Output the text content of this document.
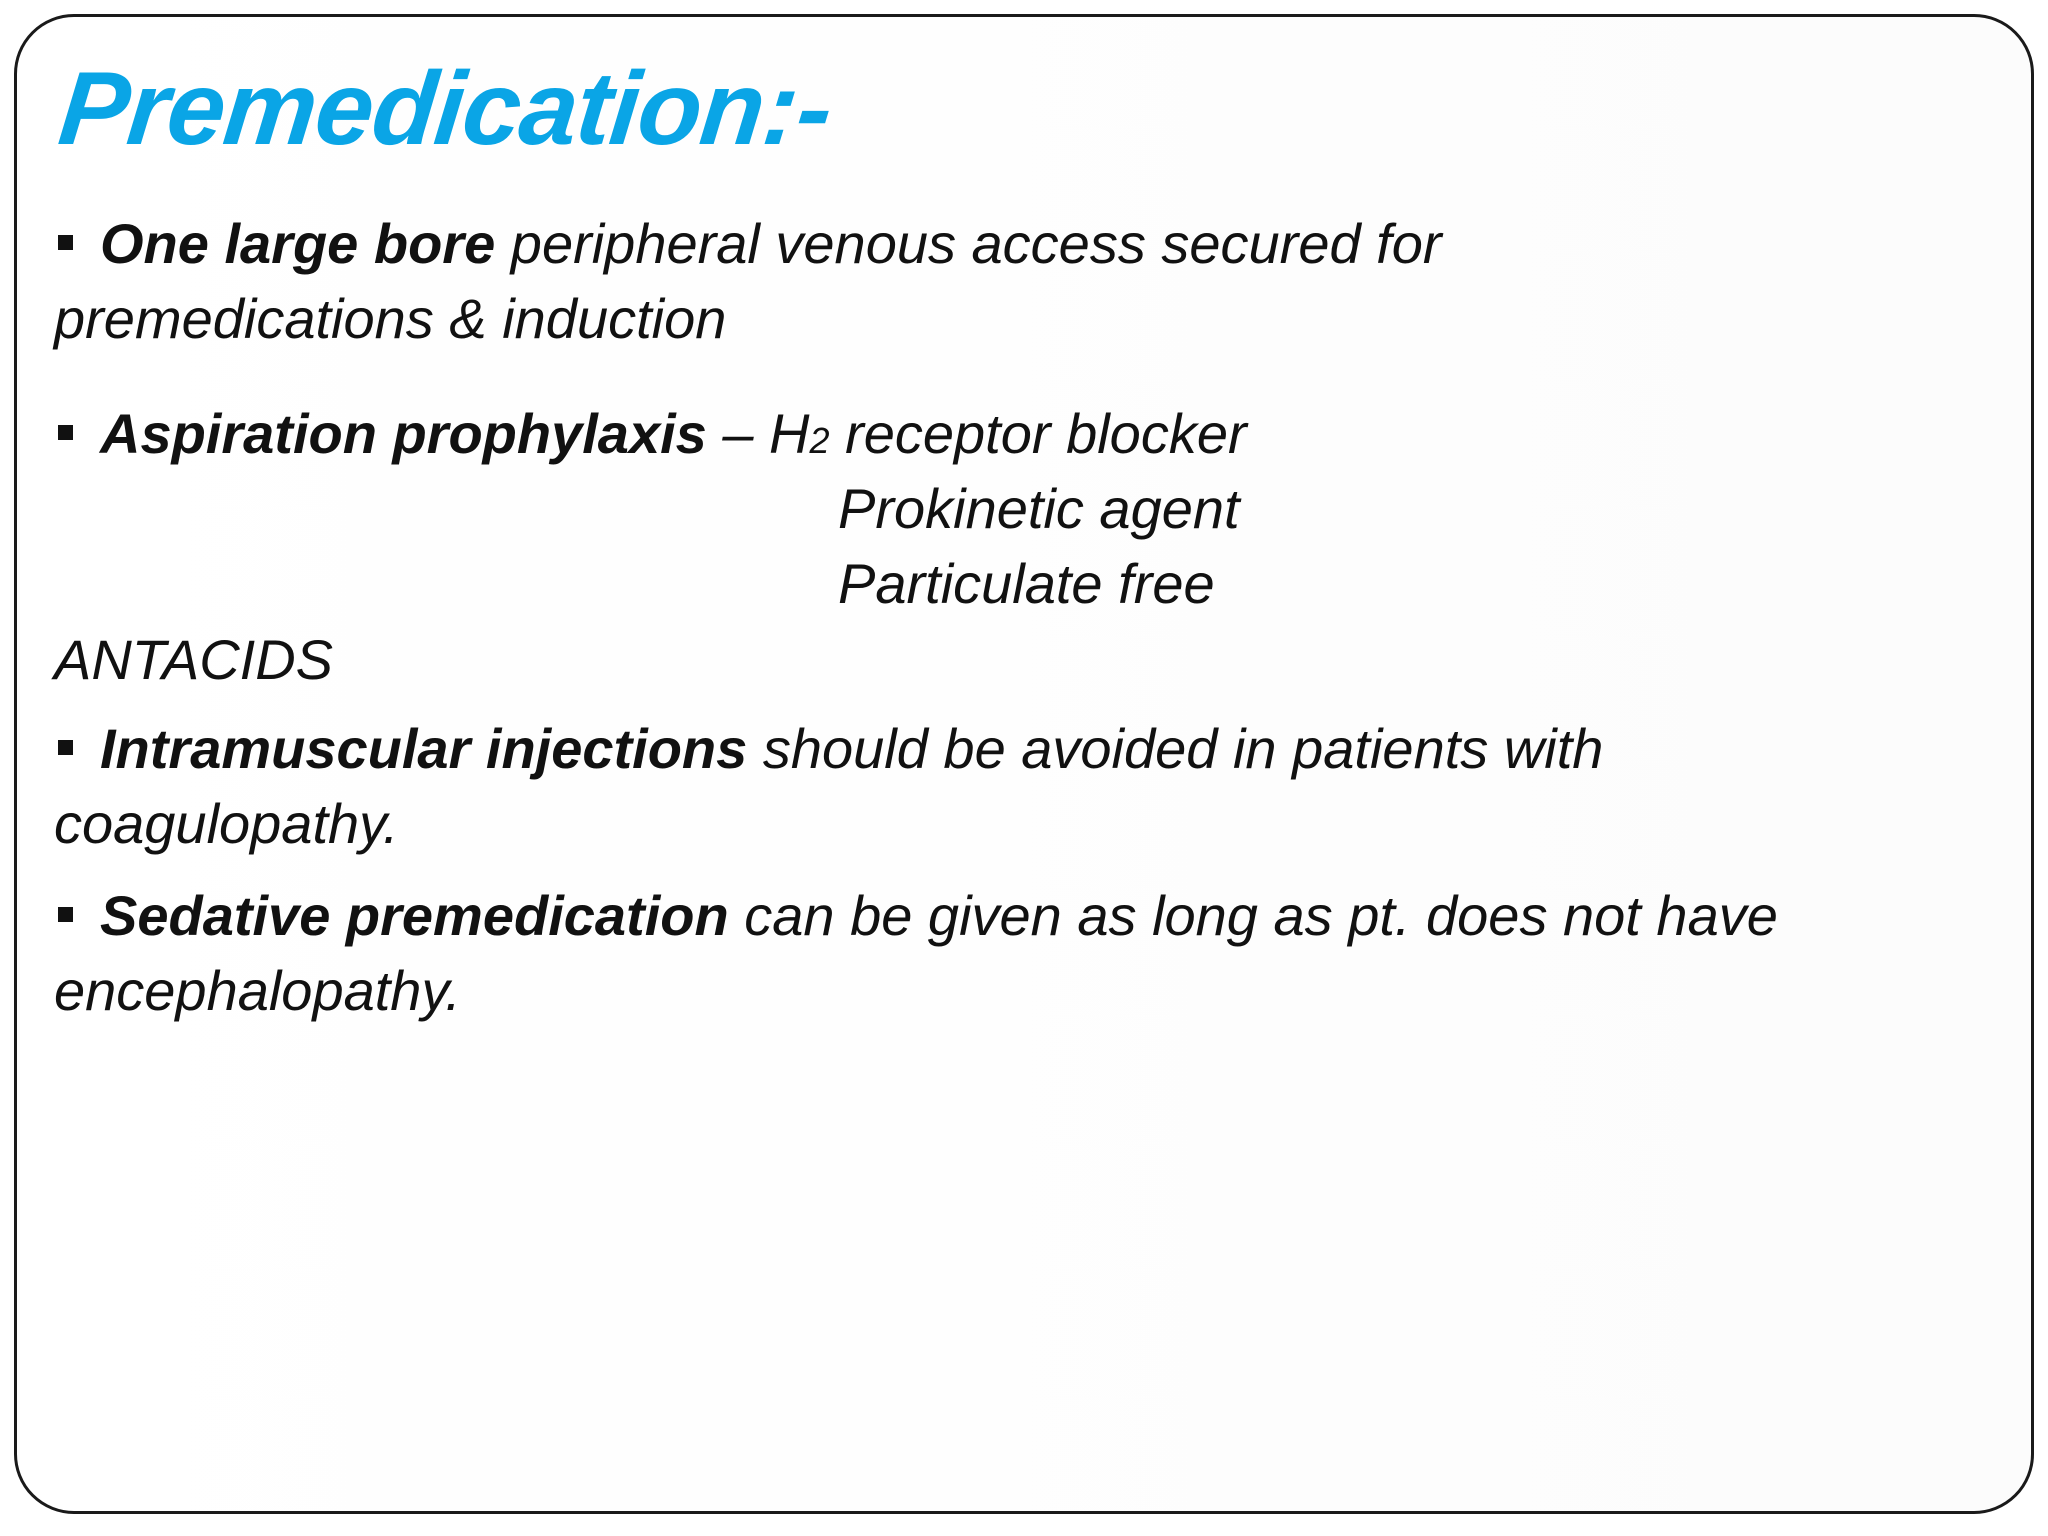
Premedication:-
One large bore peripheral venous access secured for
premedications & induction
Aspiration prophylaxis – H2 receptor blocker
Prokinetic agent
Particulate free
ANTACIDS
Intramuscular injections should be avoided in patients with
coagulopathy.
Sedative premedication can be given as long as pt. does not have
encephalopathy.
